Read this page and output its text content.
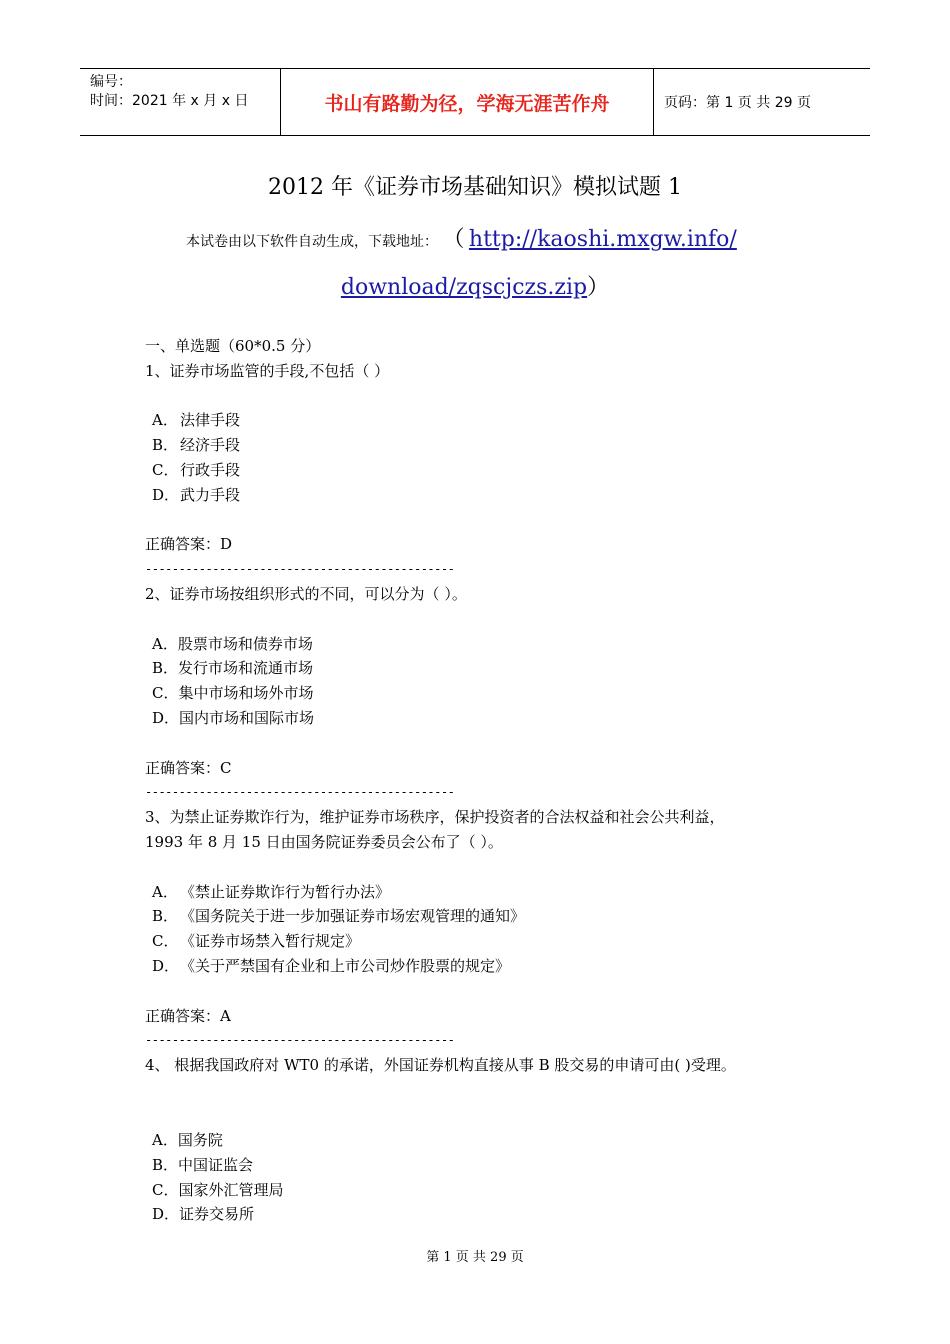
编号：
时间：2021 年 x 月 x 日	书山有路勤为径，学海无涯苦作舟	页码：第 1 页 共 29 页
2012 年《证券市场基础知识》模拟试题 1
本试卷由以下软件自动生成，下载地址： （ http://kaoshi.mxgw.info/
download/zqscjczs.zip）
一、单选题（60*0.5 分）
1、证券市场监管的手段,不包括（ ）
A． 法律手段
B． 经济手段
C． 行政手段
D．武力手段
正确答案：D
----------------------------------------------
2、证券市场按组织形式的不同，可以分为（ ）。
A．股票市场和债券市场
B．发行市场和流通市场
C．集中市场和场外市场
D．国内市场和国际市场
正确答案：C
----------------------------------------------
3、为禁止证券欺诈行为，维护证券市场秩序，保护投资者的合法权益和社会公共利益，
1993 年 8 月 15 日由国务院证券委员会公布了（ ）。
A． 《禁止证券欺诈行为暂行办法》
B． 《国务院关于进一步加强证券市场宏观管理的通知》
C． 《证券市场禁入暂行规定》
D．《关于严禁国有企业和上市公司炒作股票的规定》
正确答案：A
----------------------------------------------
4、 根据我国政府对 WT0 的承诺，外国证券机构直接从事 B 股交易的申请可由( )受理。
A．国务院
B．中国证监会
C．国家外汇管理局
D．证券交易所
第 1 页 共 29 页
